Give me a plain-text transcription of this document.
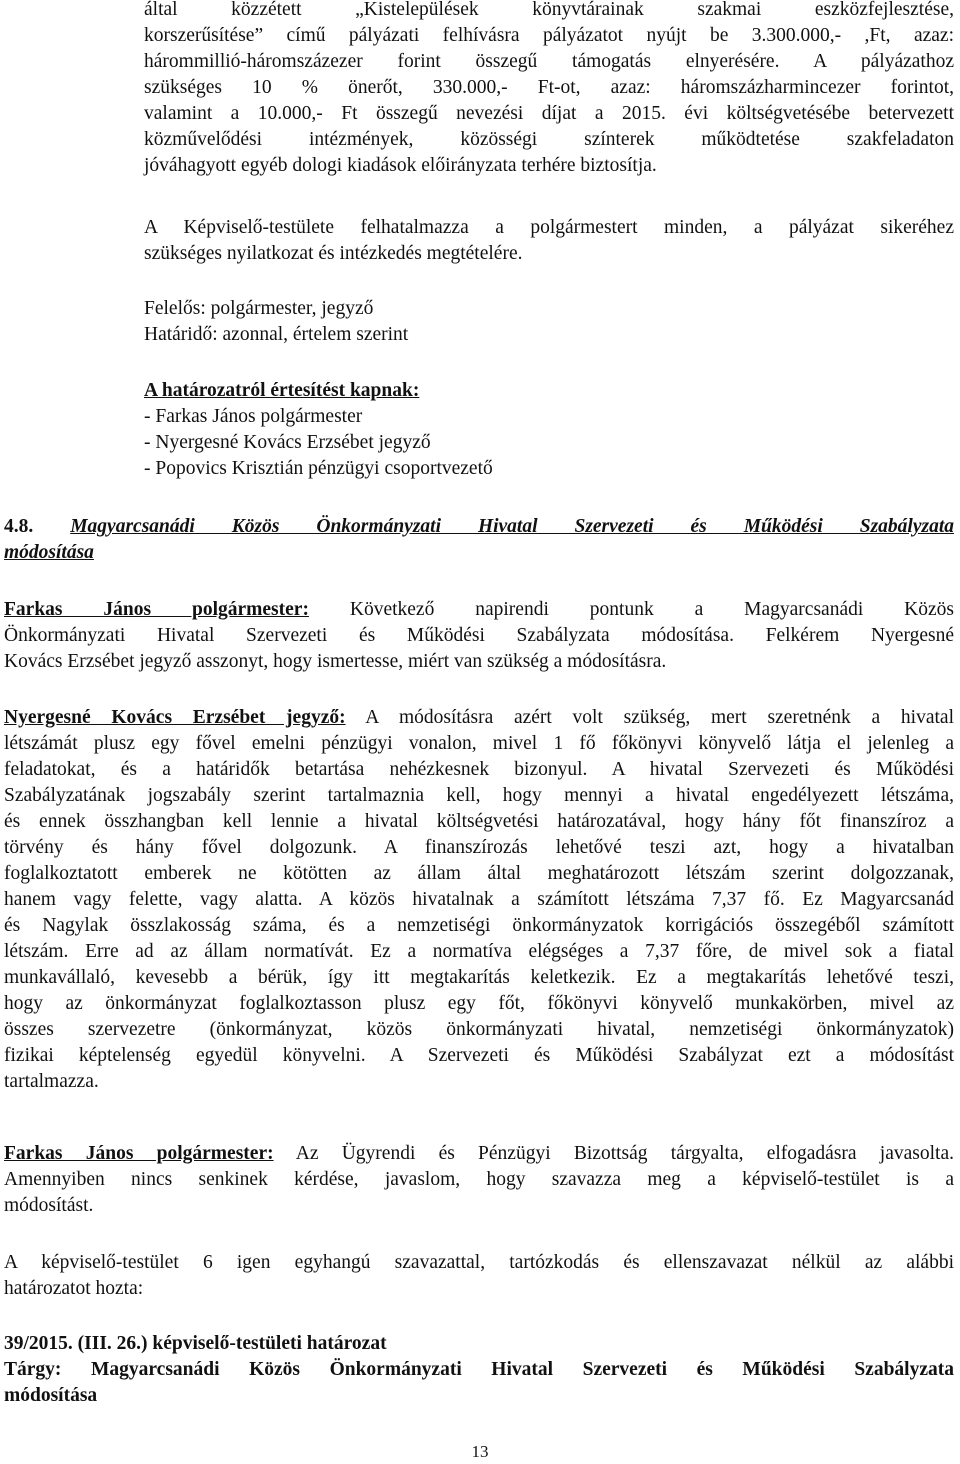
által közzétett „Kistelepülések könyvtárainak szakmai eszközfejlesztése,
korszerűsítése” című pályázati felhívásra pályázatot nyújt be 3.300.000,- ,Ft, azaz:
hárommillió-háromszázezer forint összegű támogatás elnyerésére. A pályázathoz
szükséges 10 % önerőt, 330.000,- Ft-ot, azaz: háromszázharmincezer forintot,
valamint a 10.000,- Ft összegű nevezési díjat a 2015. évi költségvetésébe betervezett
közművelődési intézmények, közösségi színterek működtetése szakfeladaton
jóváhagyott egyéb dologi kiadások előirányzata terhére biztosítja.
A Képviselő-testülete felhatalmazza a polgármestert minden, a pályázat sikeréhez
szükséges nyilatkozat és intézkedés megtételére.
Felelős: polgármester, jegyző
Határidő: azonnal, értelem szerint
A határozatról értesítést kapnak:
- Farkas János polgármester
- Nyergesné Kovács Erzsébet jegyző
- Popovics Krisztián pénzügyi csoportvezető
4.8. Magyarcsanádi Közös Önkormányzati Hivatal Szervezeti és Működési Szabályzata
módosítása
Farkas János polgármester: Következő napirendi pontunk a Magyarcsanádi Közös
Önkormányzati Hivatal Szervezeti és Működési Szabályzata módosítása. Felkérem Nyergesné
Kovács Erzsébet jegyző asszonyt, hogy ismertesse, miért van szükség a módosításra.
Nyergesné Kovács Erzsébet jegyző: A módosításra azért volt szükség, mert szeretnénk a hivatal
létszámát plusz egy fővel emelni pénzügyi vonalon, mivel 1 fő főkönyvi könyvelő látja el jelenleg a
feladatokat, és a határidők betartása nehézkesnek bizonyul. A hivatal Szervezeti és Működési
Szabályzatának jogszabály szerint tartalmaznia kell, hogy mennyi a hivatal engedélyezett létszáma,
és ennek összhangban kell lennie a hivatal költségvetési határozatával, hogy hány főt finanszíroz a
törvény és hány fővel dolgozunk. A finanszírozás lehetővé teszi azt, hogy a hivatalban
foglalkoztatott emberek ne kötötten az állam által meghatározott létszám szerint dolgozzanak,
hanem vagy felette, vagy alatta. A közös hivatalnak a számított létszáma 7,37 fő. Ez Magyarcsanád
és Nagylak összlakosság száma, és a nemzetiségi önkormányzatok korrigációs összegéből számított
létszám. Erre ad az állam normatívát. Ez a normatíva elégséges a 7,37 főre, de mivel sok a fiatal
munkavállaló, kevesebb a bérük, így itt megtakarítás keletkezik. Ez a megtakarítás lehetővé teszi,
hogy az önkormányzat foglalkoztasson plusz egy főt, főkönyvi könyvelő munkakörben, mivel az
összes szervezetre (önkormányzat, közös önkormányzati hivatal, nemzetiségi önkormányzatok)
fizikai képtelenség egyedül könyvelni. A Szervezeti és Működési Szabályzat ezt a módosítást
tartalmazza.
Farkas János polgármester: Az Ügyrendi és Pénzügyi Bizottság tárgyalta, elfogadásra javasolta.
Amennyiben nincs senkinek kérdése, javaslom, hogy szavazza meg a képviselő-testület is a
módosítást.
A képviselő-testület 6 igen egyhangú szavazattal, tartózkodás és ellenszavazat nélkül az alábbi
határozatot hozta:
39/2015. (III. 26.) képviselő-testületi határozat
Tárgy: Magyarcsanádi Közös Önkormányzati Hivatal Szervezeti és Működési Szabályzata
módosítása
13
